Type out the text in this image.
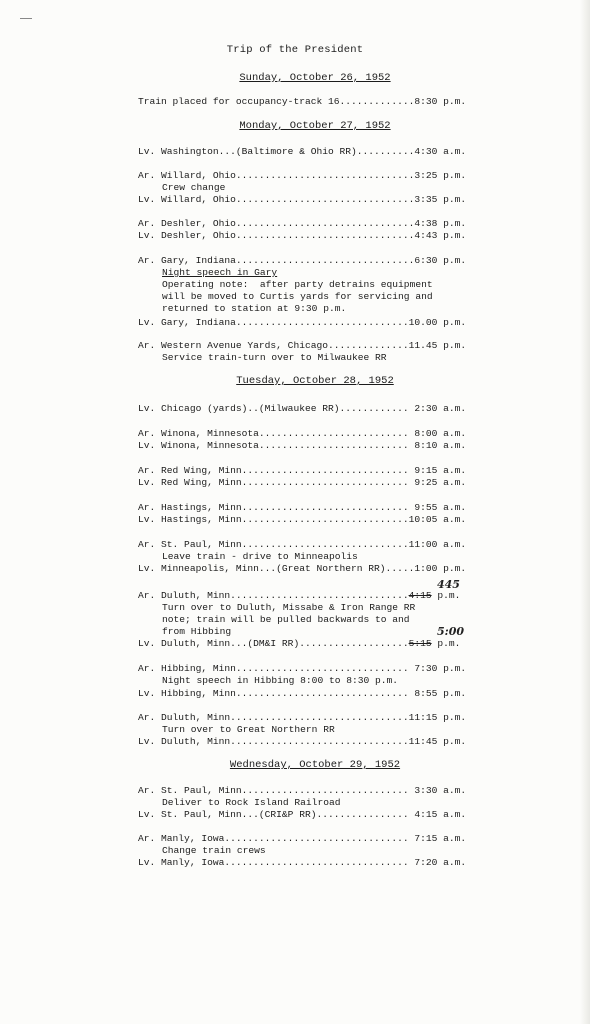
Trip of the President
Sunday, October 26, 1952
Train placed for occupancy-track 16.............8:30 p.m.
Monday, October 27, 1952
Lv. Washington...(Baltimore & Ohio RR)..........4:30 a.m.
Ar. Willard, Ohio...............................3:25 p.m.
Crew change
Lv. Willard, Ohio...............................3:35 p.m.
Ar. Deshler, Ohio...............................4:38 p.m.
Lv. Deshler, Ohio...............................4:43 p.m.
Ar. Gary, Indiana...............................6:30 p.m.
Night speech in Gary
Operating note:  after party detrains equipment
will be moved to Curtis yards for servicing and
returned to station at 9:30 p.m.
Lv. Gary, Indiana..............................10.00 p.m.
Ar. Western Avenue Yards, Chicago..............11.45 p.m.
Service train-turn over to Milwaukee RR
Tuesday, October 28, 1952
Lv. Chicago (yards)..(Milwaukee RR)............ 2:30 a.m.
Ar. Winona, Minnesota.......................... 8:00 a.m.
Lv. Winona, Minnesota.......................... 8:10 a.m.
Ar. Red Wing, Minn............................. 9:15 a.m.
Lv. Red Wing, Minn............................. 9:25 a.m.
Ar. Hastings, Minn............................. 9:55 a.m.
Lv. Hastings, Minn.............................10:05 a.m.
Ar. St. Paul, Minn.............................11:00 a.m.
Leave train - drive to Minneapolis
Lv. Minneapolis, Minn...(Great Northern RR).....1:00 p.m.
Ar. Duluth, Minn...............................4:15 p.m.
445
Turn over to Duluth, Missabe & Iron Range RR
note; train will be pulled backwards to and
from Hibbing
Lv. Duluth, Minn...(DM&I RR)...................5:15 p.m.
5:00
Ar. Hibbing, Minn.............................. 7:30 p.m.
Night speech in Hibbing 8:00 to 8:30 p.m.
Lv. Hibbing, Minn.............................. 8:55 p.m.
Ar. Duluth, Minn...............................11:15 p.m.
Turn over to Great Northern RR
Lv. Duluth, Minn...............................11:45 p.m.
Wednesday, October 29, 1952
Ar. St. Paul, Minn............................. 3:30 a.m.
Deliver to Rock Island Railroad
Lv. St. Paul, Minn...(CRI&P RR)................ 4:15 a.m.
Ar. Manly, Iowa................................ 7:15 a.m.
Change train crews
Lv. Manly, Iowa................................ 7:20 a.m.
